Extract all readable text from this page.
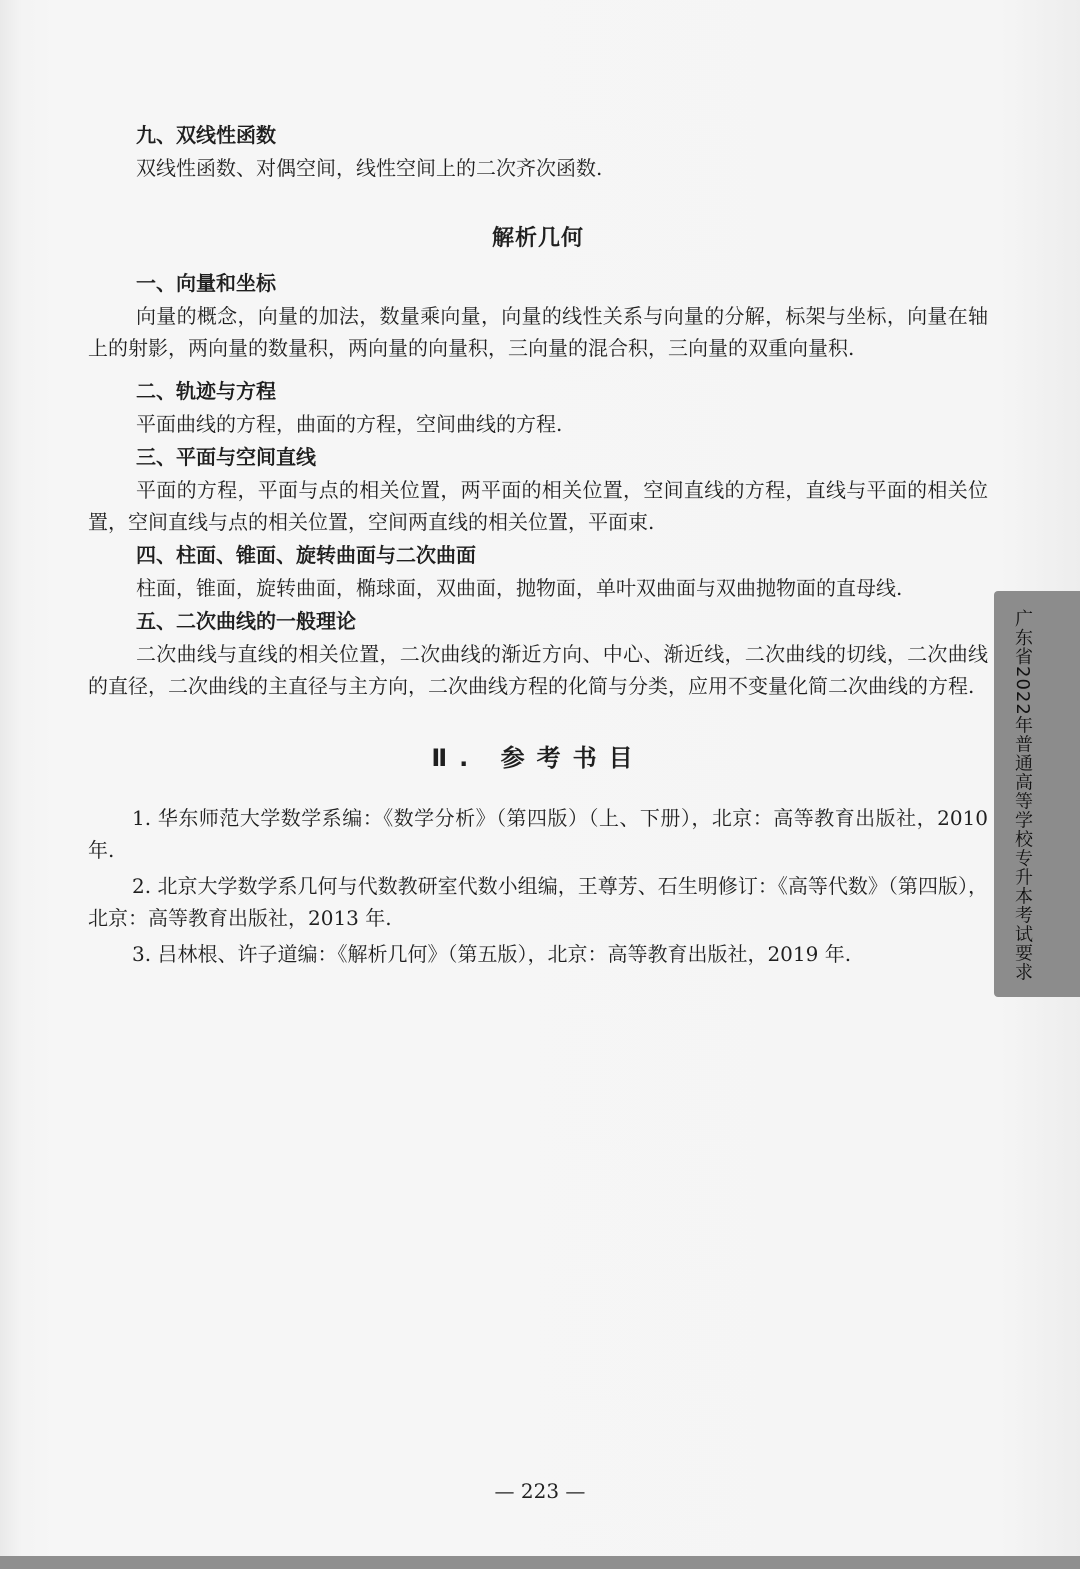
九、双线性函数

双线性函数、对偶空间，线性空间上的二次齐次函数.

解析几何

一、向量和坐标

向量的概念，向量的加法，数量乘向量，向量的线性关系与向量的分解，标架与坐标，向量在轴上的射影，两向量的数量积，两向量的向量积，三向量的混合积，三向量的双重向量积.

二、轨迹与方程

平面曲线的方程，曲面的方程，空间曲线的方程.

三、平面与空间直线

平面的方程，平面与点的相关位置，两平面的相关位置，空间直线的方程，直线与平面的相关位置，空间直线与点的相关位置，空间两直线的相关位置，平面束.

四、柱面、锥面、旋转曲面与二次曲面

柱面，锥面，旋转曲面，椭球面，双曲面，抛物面，单叶双曲面与双曲抛物面的直母线.

五、二次曲线的一般理论

二次曲线与直线的相关位置，二次曲线的渐近方向、中心、渐近线，二次曲线的切线，二次曲线的直径，二次曲线的主直径与主方向，二次曲线方程的化简与分类，应用不变量化简二次曲线的方程.

Ⅱ. 参考书目

1. 华东师范大学数学系编：《数学分析》（第四版）（上、下册），北京：高等教育出版社，2010 年.

2. 北京大学数学系几何与代数教研室代数小组编，王尊芳、石生明修订：《高等代数》（第四版），北京：高等教育出版社，2013 年.

3. 吕林根、许子道编：《解析几何》（第五版），北京：高等教育出版社，2019 年.	广东省2022年普通高等学校专升本考试要求
— 223 —
